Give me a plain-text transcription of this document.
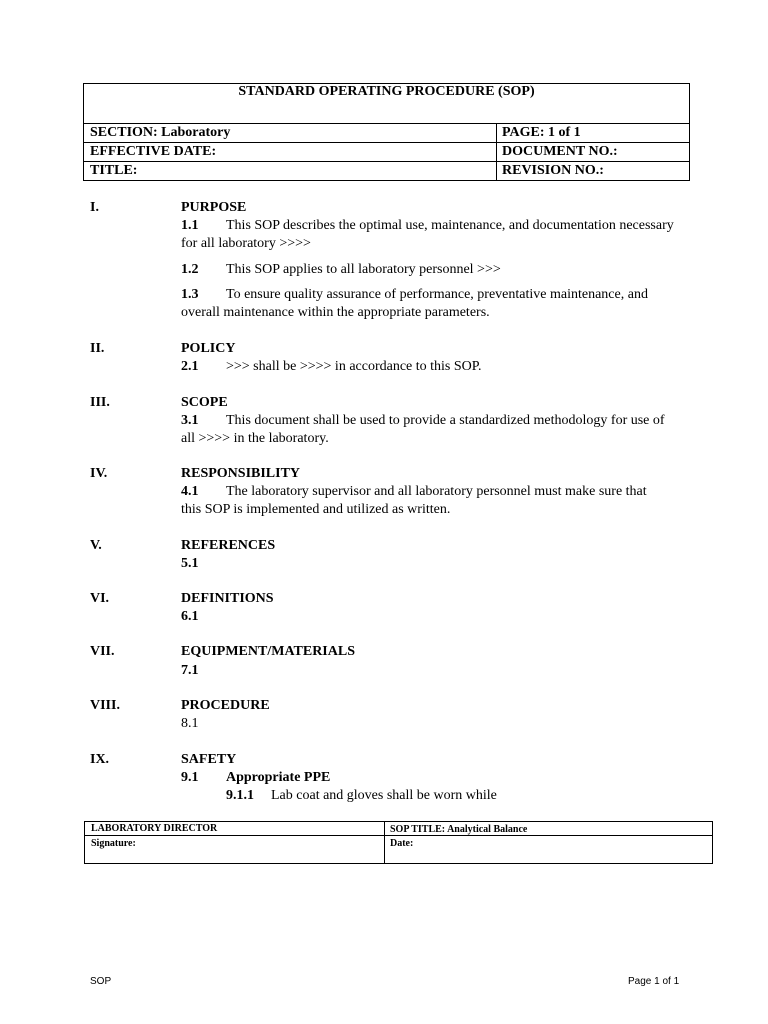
STANDARD OPERATING PROCEDURE (SOP)
SECTION: Laboratory	PAGE: 1 of 1
EFFECTIVE DATE:	DOCUMENT NO.:
TITLE:	REVISION NO.:
I.	PURPOSE
1.1 This SOP describes the optimal use, maintenance, and documentation necessary
for all laboratory >>>>
1.2 This SOP applies to all laboratory personnel >>>
1.3 To ensure quality assurance of performance, preventative maintenance, and
overall maintenance within the appropriate parameters.
II.	POLICY
2.1 >>> shall be >>>> in accordance to this SOP.
III.	SCOPE
3.1 This document shall be used to provide a standardized methodology for use of
all >>>> in the laboratory.
IV.	RESPONSIBILITY
4.1 The laboratory supervisor and all laboratory personnel must make sure that
this SOP is implemented and utilized as written.
V.	REFERENCES
5.1
VI.	DEFINITIONS
6.1
VII.	EQUIPMENT/MATERIALS
7.1
VIII.	PROCEDURE
8.1
IX.	SAFETY
9.1 Appropriate PPE
9.1.1 Lab coat and gloves shall be worn while
LABORATORY DIRECTOR	SOP TITLE: Analytical Balance
Signature:	Date:
SOP	Page 1 of 1
